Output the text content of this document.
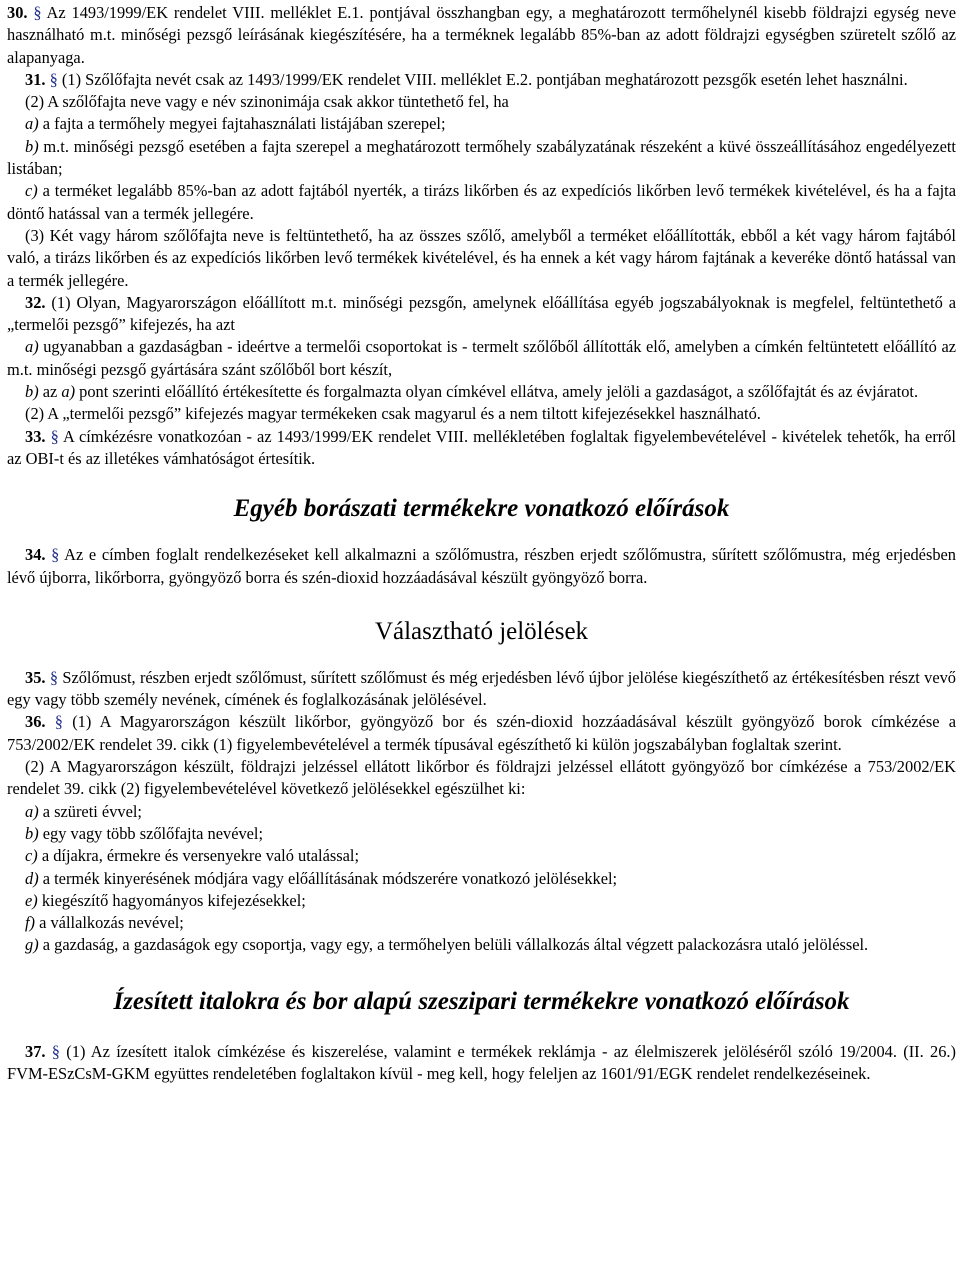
30. § Az 1493/1999/EK rendelet VIII. melléklet E.1. pontjával összhangban egy, a meghatározott termőhelynél kisebb földrajzi egység neve használható m.t. minőségi pezsgő leírásának kiegészítésére, ha a terméknek legalább 85%-ban az adott földrajzi egységben szüretelt szőlő az alapanyaga.

31. § (1) Szőlőfajta nevét csak az 1493/1999/EK rendelet VIII. melléklet E.2. pontjában meghatározott pezsgők esetén lehet használni.

(2) A szőlőfajta neve vagy e név szinonimája csak akkor tüntethető fel, ha

a) a fajta a termőhely megyei fajtahasználati listájában szerepel;

b) m.t. minőségi pezsgő esetében a fajta szerepel a meghatározott termőhely szabályzatának részeként a küvé összeállításához engedélyezett listában;

c) a terméket legalább 85%-ban az adott fajtából nyerték, a tirázs likőrben és az expedíciós likőrben levő termékek kivételével, és ha a fajta döntő hatással van a termék jellegére.

(3) Két vagy három szőlőfajta neve is feltüntethető, ha az összes szőlő, amelyből a terméket előállították, ebből a két vagy három fajtából való, a tirázs likőrben és az expedíciós likőrben levő termékek kivételével, és ha ennek a két vagy három fajtának a keveréke döntő hatással van a termék jellegére.

32. (1) Olyan, Magyarországon előállított m.t. minőségi pezsgőn, amelynek előállítása egyéb jogszabályoknak is megfelel, feltüntethető a „termelői pezsgő” kifejezés, ha azt

a) ugyanabban a gazdaságban - ideértve a termelői csoportokat is - termelt szőlőből állították elő, amelyben a címkén feltüntetett előállító az m.t. minőségi pezsgő gyártására szánt szőlőből bort készít,

b) az a) pont szerinti előállító értékesítette és forgalmazta olyan címkével ellátva, amely jelöli a gazdaságot, a szőlőfajtát és az évjáratot.

(2) A „termelői pezsgő” kifejezés magyar termékeken csak magyarul és a nem tiltott kifejezésekkel használható.

33. § A címkézésre vonatkozóan - az 1493/1999/EK rendelet VIII. mellékletében foglaltak figyelembevételével - kivételek tehetők, ha erről az OBI-t és az illetékes vámhatóságot értesítik.

Egyéb borászati termékekre vonatkozó előírások

34. § Az e címben foglalt rendelkezéseket kell alkalmazni a szőlőmustra, részben erjedt szőlőmustra, sűrített szőlőmustra, még erjedésben lévő újborra, likőrborra, gyöngyöző borra és szén-dioxid hozzáadásával készült gyöngyöző borra.

Választható jelölések

35. § Szőlőmust, részben erjedt szőlőmust, sűrített szőlőmust és még erjedésben lévő újbor jelölése kiegészíthető az értékesítésben részt vevő egy vagy több személy nevének, címének és foglalkozásának jelölésével.

36. § (1) A Magyarországon készült likőrbor, gyöngyöző bor és szén-dioxid hozzáadásával készült gyöngyöző borok címkézése a 753/2002/EK rendelet 39. cikk (1) figyelembevételével a termék típusával egészíthető ki külön jogszabályban foglaltak szerint.

(2) A Magyarországon készült, földrajzi jelzéssel ellátott likőrbor és földrajzi jelzéssel ellátott gyöngyöző bor címkézése a 753/2002/EK rendelet 39. cikk (2) figyelembevételével következő jelölésekkel egészülhet ki:

a) a szüreti évvel;

b) egy vagy több szőlőfajta nevével;

c) a díjakra, érmekre és versenyekre való utalással;

d) a termék kinyerésének módjára vagy előállításának módszerére vonatkozó jelölésekkel;

e) kiegészítő hagyományos kifejezésekkel;

f) a vállalkozás nevével;

g) a gazdaság, a gazdaságok egy csoportja, vagy egy, a termőhelyen belüli vállalkozás által végzett palackozásra utaló jelöléssel.

Ízesített italokra és bor alapú szeszipari termékekre vonatkozó előírások

37. § (1) Az ízesített italok címkézése és kiszerelése, valamint e termékek reklámja - az élelmiszerek jelöléséről szóló 19/2004. (II. 26.) FVM-ESzCsM-GKM együttes rendeletében foglaltakon kívül - meg kell, hogy feleljen az 1601/91/EGK rendelet rendelkezéseinek.
